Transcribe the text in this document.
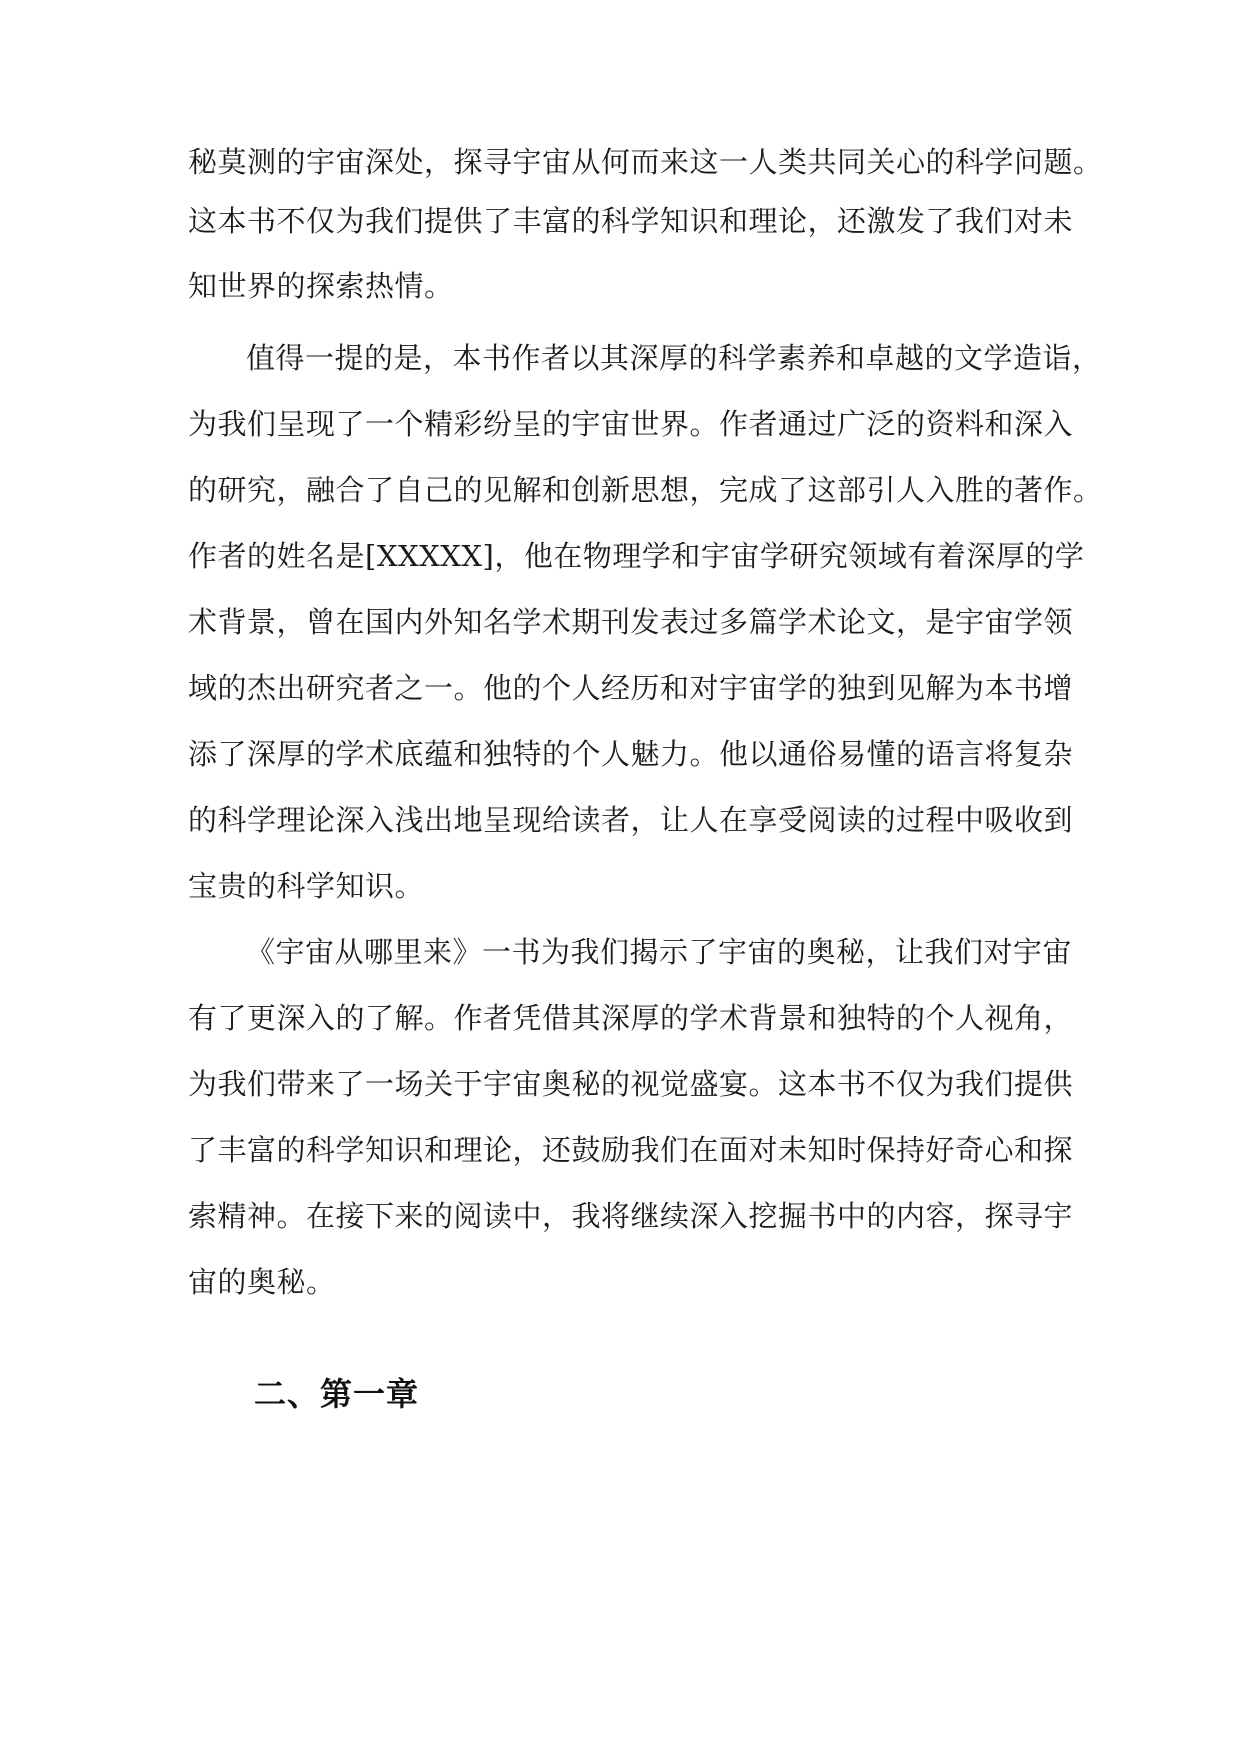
秘莫测的宇宙深处，探寻宇宙从何而来这一人类共同关心的科学问题。
这本书不仅为我们提供了丰富的科学知识和理论，还激发了我们对未
知世界的探索热情。
值得一提的是，本书作者以其深厚的科学素养和卓越的文学造诣，
为我们呈现了一个精彩纷呈的宇宙世界。作者通过广泛的资料和深入
的研究，融合了自己的见解和创新思想，完成了这部引人入胜的著作。
作者的姓名是[XXXXX]，他在物理学和宇宙学研究领域有着深厚的学
术背景，曾在国内外知名学术期刊发表过多篇学术论文，是宇宙学领
域的杰出研究者之一。他的个人经历和对宇宙学的独到见解为本书增
添了深厚的学术底蕴和独特的个人魅力。他以通俗易懂的语言将复杂
的科学理论深入浅出地呈现给读者，让人在享受阅读的过程中吸收到
宝贵的科学知识。
《宇宙从哪里来》一书为我们揭示了宇宙的奥秘，让我们对宇宙
有了更深入的了解。作者凭借其深厚的学术背景和独特的个人视角，
为我们带来了一场关于宇宙奥秘的视觉盛宴。这本书不仅为我们提供
了丰富的科学知识和理论，还鼓励我们在面对未知时保持好奇心和探
索精神。在接下来的阅读中，我将继续深入挖掘书中的内容，探寻宇
宙的奥秘。
二、第一章
